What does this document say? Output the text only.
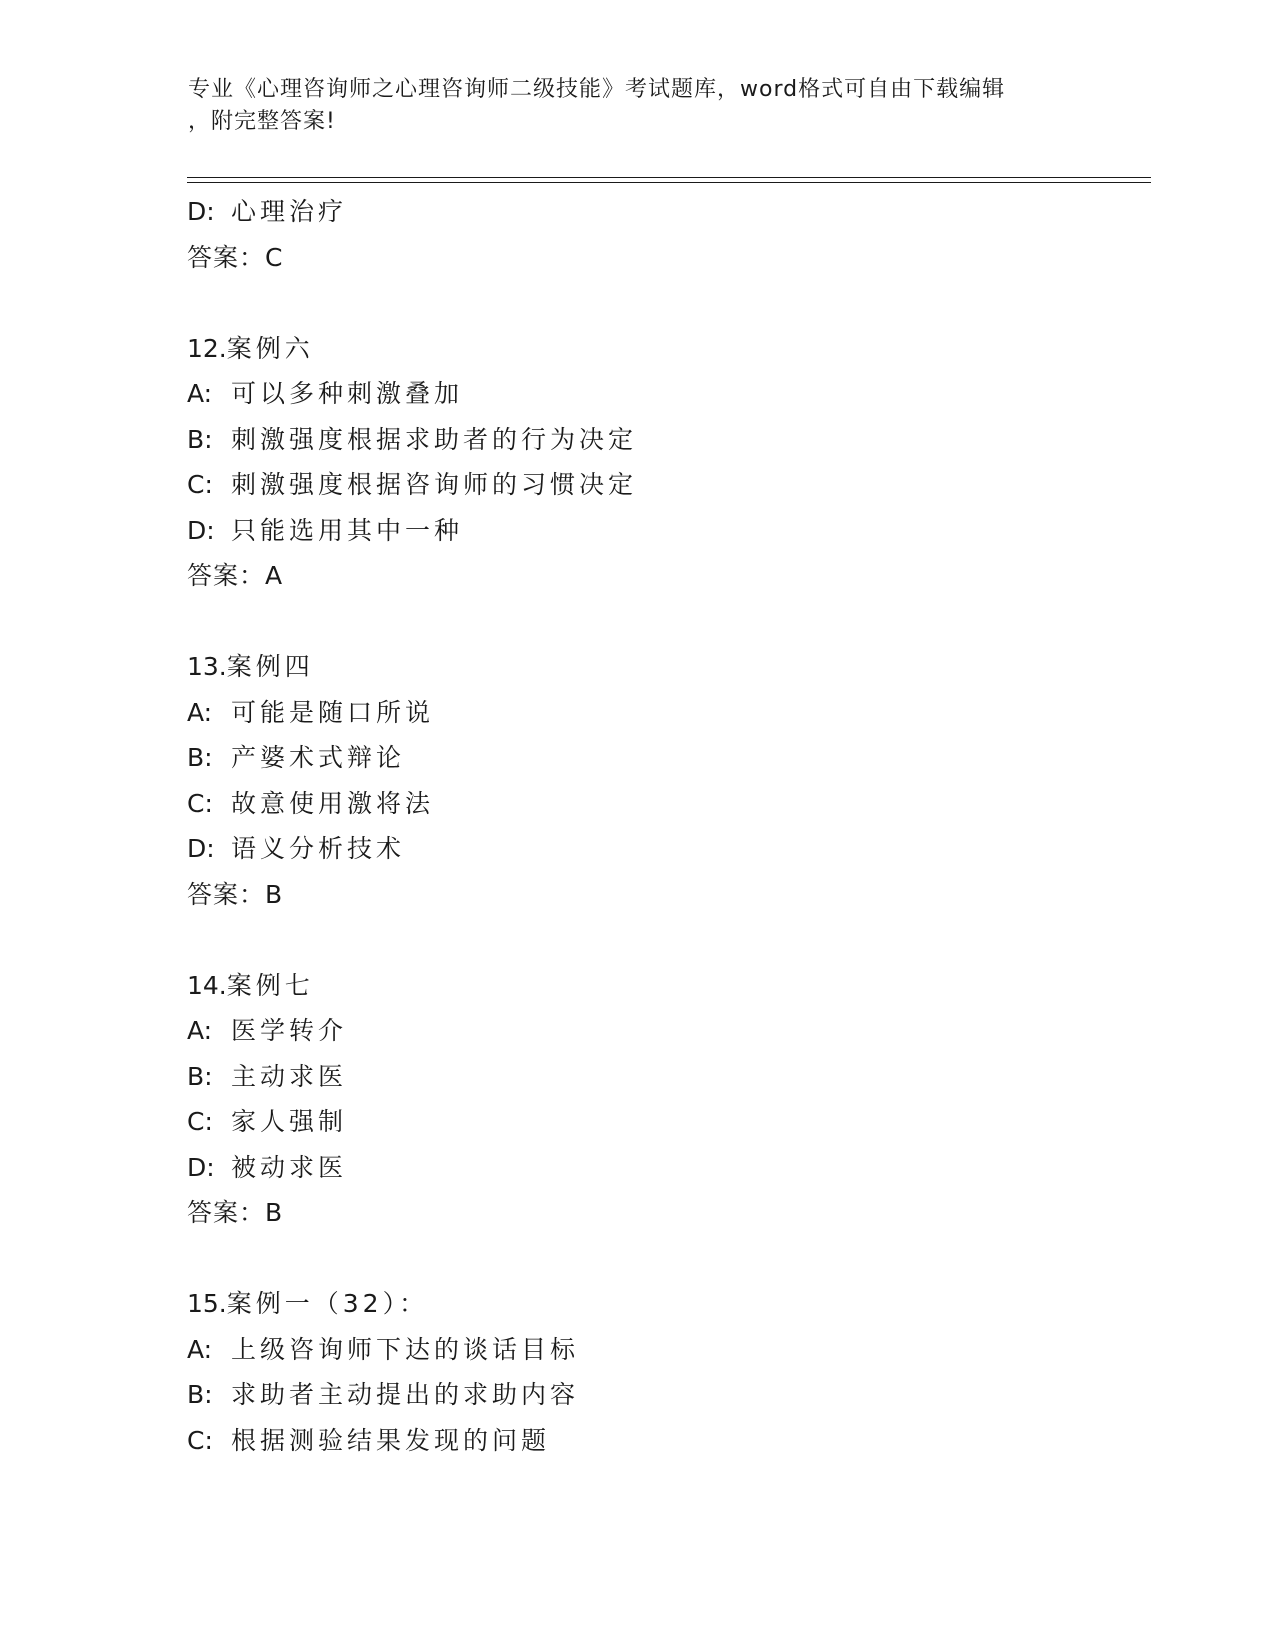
专业《心理咨询师之心理咨询师二级技能》考试题库，word格式可自由下载编辑
，附完整答案!
D: 心理治疗
答案：C
12.案例六
A: 可以多种刺激叠加
B: 刺激强度根据求助者的行为决定
C: 刺激强度根据咨询师的习惯决定
D: 只能选用其中一种
答案：A
13.案例四
A: 可能是随口所说
B: 产婆术式辩论
C: 故意使用激将法
D: 语义分析技术
答案：B
14.案例七
A: 医学转介
B: 主动求医
C: 家人强制
D: 被动求医
答案：B
15.案例一（32）：
A: 上级咨询师下达的谈话目标
B: 求助者主动提出的求助内容
C: 根据测验结果发现的问题
